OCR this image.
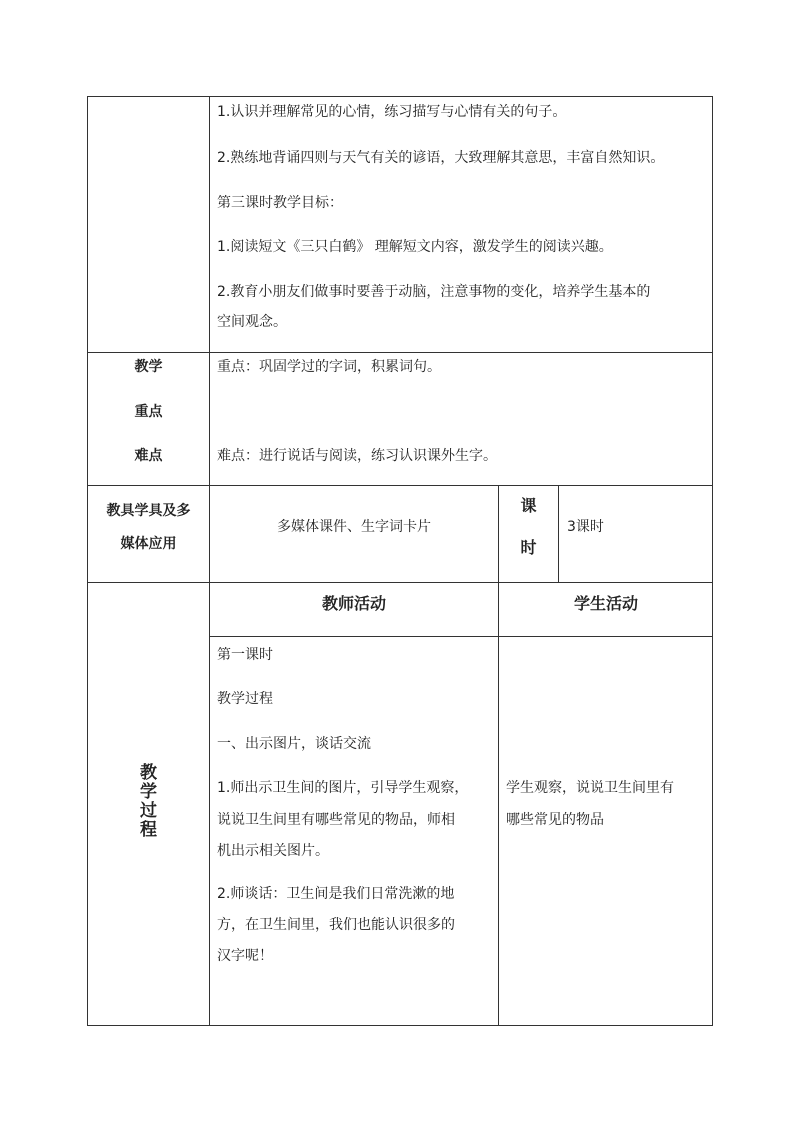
1.认识并理解常见的心情，练习描写与心情有关的句子。
2.熟练地背诵四则与天气有关的谚语，大致理解其意思，丰富自然知识。
第三课时教学目标：
1.阅读短文《三只白鹤》 理解短文内容，激发学生的阅读兴趣。
2.教育小朋友们做事时要善于动脑，注意事物的变化，培养学生基本的
空间观念。
教学
重点
难点
重点：巩固学过的字词，积累词句。
难点：进行说话与阅读，练习认识课外生字。
教具学具及多
媒体应用
多媒体课件、生字词卡片
课
时
3课时
教
学
过
程
教师活动	学生活动
第一课时
教学过程
一、出示图片，谈话交流
1.师出示卫生间的图片，引导学生观察，
说说卫生间里有哪些常见的物品，师相
机出示相关图片。
2.师谈话：卫生间是我们日常洗漱的地
方，在卫生间里，我们也能认识很多的
汉字呢！
学生观察，说说卫生间里有
哪些常见的物品
